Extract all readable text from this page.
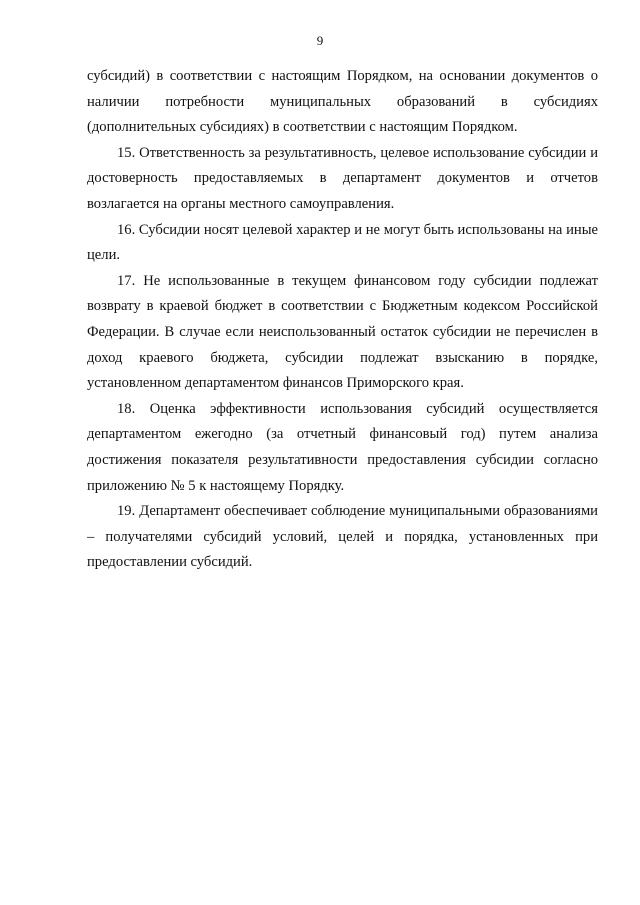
9

субсидий) в соответствии с настоящим Порядком, на основании документов о наличии потребности муниципальных образований в субсидиях (дополнительных субсидиях) в соответствии с настоящим Порядком.

15. Ответственность за результативность, целевое использование субсидии и достоверность предоставляемых в департамент документов и отчетов возлагается на органы местного самоуправления.

16. Субсидии носят целевой характер и не могут быть использованы на иные цели.

17. Не использованные в текущем финансовом году субсидии подлежат возврату в краевой бюджет в соответствии с Бюджетным кодексом Российской Федерации. В случае если неиспользованный остаток субсидии не перечислен в доход краевого бюджета, субсидии подлежат взысканию в порядке, установленном департаментом финансов Приморского края.

18. Оценка эффективности использования субсидий осуществляется департаментом ежегодно (за отчетный финансовый год) путем анализа достижения показателя результативности предоставления субсидии согласно приложению № 5 к настоящему Порядку.

19. Департамент обеспечивает соблюдение муниципальными образованиями – получателями субсидий условий, целей и порядка, установленных при предоставлении субсидий.
